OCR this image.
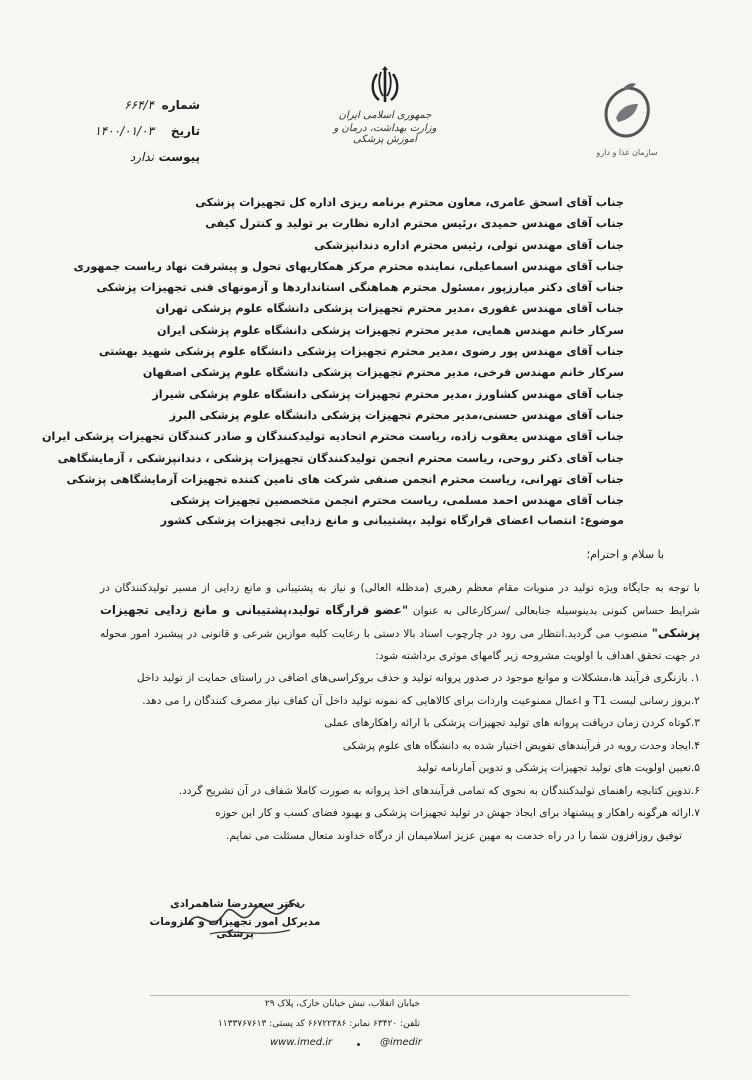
سازمان غذا و دارو
جمهوری اسلامی ایران
وزارت بهداشت، درمان و آموزش پزشکی
شماره
۶۶۴/۴
تاریخ
۱۴۰۰/۰۱/۰۳
پیوست
ندارد
جناب آقای اسحق عامری، معاون محترم برنامه ریزی اداره کل تجهیزات پزشکی
جناب آقای مهندس حمیدی ،رئیس محترم اداره نظارت بر تولید و کنترل کیفی
جناب آقای مهندس تولی، رئیس محترم اداره دندانپزشکی
جناب آقای مهندس اسماعیلی، نماینده محترم مرکز همکاریهای تحول و پیشرفت نهاد ریاست جمهوری
جناب آقای دکتر میارزپور ،مسئول محترم هماهنگی استانداردها و آزمونهای فنی تجهیزات پزشکی
جناب آقای مهندس غفوری ،مدیر محترم تجهیزات پزشکی دانشگاه علوم پزشکی تهران
سرکار خانم مهندس همایی، مدیر محترم تجهیزات پزشکی دانشگاه علوم پزشکی ایران
جناب آقای مهندس پور رضوی ،مدیر محترم تجهیزات پزشکی دانشگاه علوم پزشکی شهید بهشتی
سرکار خانم مهندس فرخی، مدیر محترم تجهیزات پزشکی دانشگاه علوم پزشکی اصفهان
جناب آقای مهندس کشاورز ،مدیر محترم تجهیزات پزشکی دانشگاه علوم پزشکی شیراز
جناب آقای مهندس حسنی،مدیر محترم تجهیزات پزشکی دانشگاه علوم پزشکی البرز
جناب آقای مهندس یعقوب زاده، ریاست محترم اتحادیه تولیدکنندگان و صادر کنندگان تجهیزات پزشکی ایران
جناب آقای دکتر روحی، ریاست محترم انجمن تولیدکنندگان تجهیزات پزشکی ، دندانپزشکی ، آزمایشگاهی
جناب آقای تهرانی، ریاست محترم انجمن صنفی شرکت های تامین کننده تجهیزات آزمایشگاهی پزشکی
جناب آقای مهندس احمد مسلمی، ریاست محترم انجمن متخصصین تجهیزات پزشکی
موضوع: انتصاب اعضای قرارگاه تولید ،پشتیبانی و مانع زدایی تجهیزات پزشکی کشور
با سلام و احترام؛

با توجه به جایگاه ویژه تولید در منویات مقام معظم رهبری (مدظله العالی) و نیاز به پشتیبانی و مانع زدایی از مسیر تولیدکنندگان در شرایط حساس کنونی بدینوسیله جنابعالی /سرکارعالی به عنوان "عضو قرارگاه تولید،پشتیبانی و مانع زدایی تجهیزات پزشکی" منصوب می گردید.انتظار می رود در چارچوب اسناد بالا دستی با رعایت کلیه موازین شرعی و قانونی در پیشبرد امور محوله در جهت تحقق اهداف با اولویت مشروحه زیر گامهای موثری برداشته شود:

۱. بازنگری فرآیند ها،مشکلات و موانع موجود در صدور پروانه تولید و حذف بروکراسی‌های اضافی در راستای حمایت از تولید داخل
۲.بروز رسانی لیست T1 و اعمال ممنوعیت واردات برای کالاهایی که نمونه تولید داخل آن کفاف نیاز مصرف کنندگان را می دهد.
۳.کوتاه کردن زمان دریافت پروانه های تولید تجهیزات پزشکی با ارائه راهکارهای عملی
۴.ایجاد وحدت رویه در فرآیندهای تفویض اختیار شده به دانشگاه های علوم پزشکی
۵.تعیین اولویت های تولید تجهیزات پزشکی و تدوین آمارنامه تولید
۶.تدوین کتابچه راهنمای تولیدکنندگان به نحوی که تمامی فرآیندهای اخذ پروانه به صورت کاملا شفاف در آن تشریح گردد.
۷.ارائه هرگونه راهکار و پیشنهاد برای ایجاد جهش در تولید تجهیزات پزشکی و بهبود فضای کسب و کار این حوزه
توفیق روزافزون شما را در راه خدمت به مهین عزیز اسلامیمان از درگاه خداوند متعال مسئلت می نمایم.
دکتر سعیدرضا شاهمرادی
مدیرکل امور تجهیزات و ملزومات پزشکی
خیابان انقلاب، نبش خیابان خارک، پلاک ۲۹
تلفن: ۶۳۴۲۰ نمابر: ۶۶۷۲۲۳۸۶ کد پستی: ۱۱۳۳۷۶۷۶۱۳
www.imed.ir	@imedir
